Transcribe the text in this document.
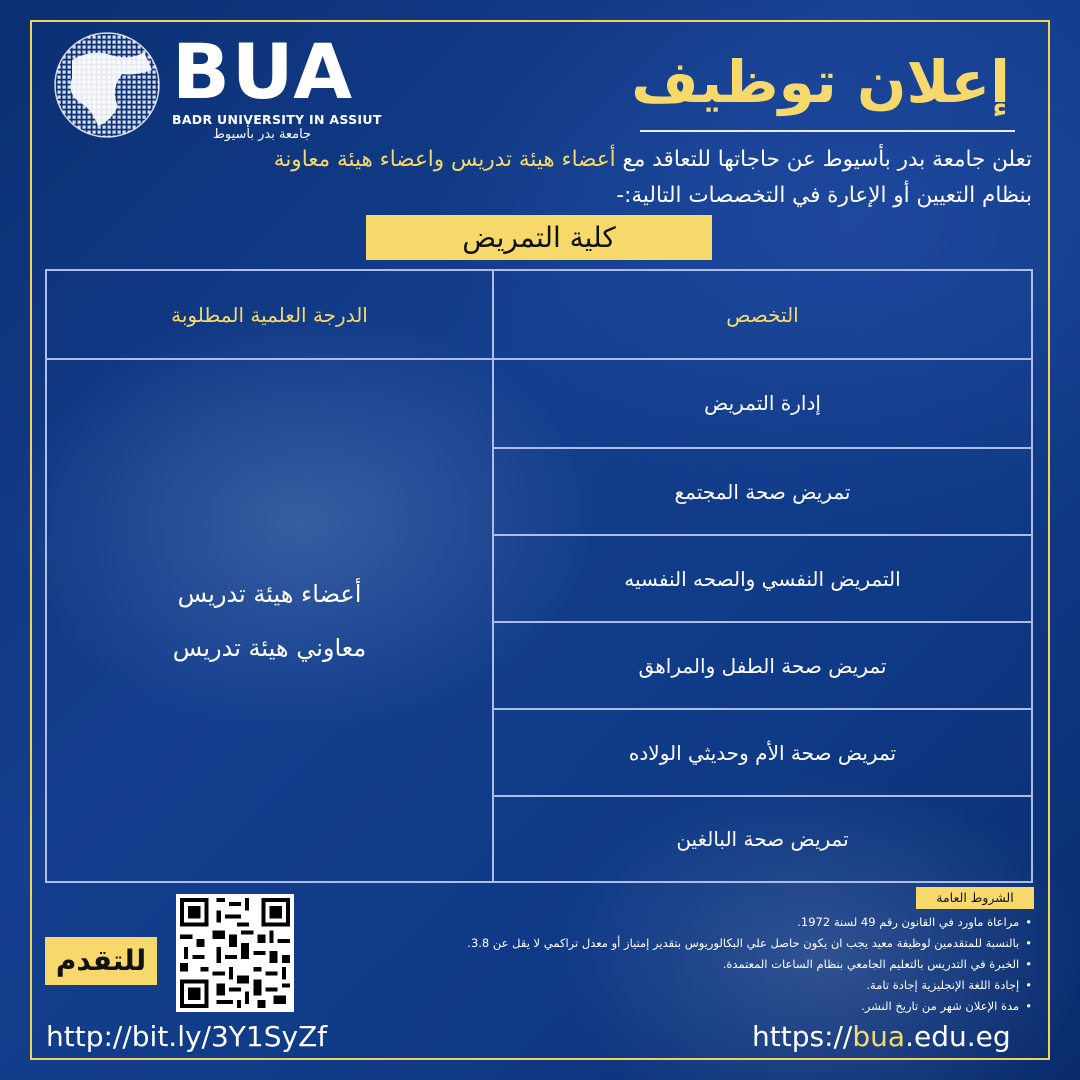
BUA
BADR UNIVERSITY IN ASSIUT
جامعة بدر بأسيوط
إعلان توظيف
تعلن جامعة بدر بأسيوط عن حاجاتها للتعاقد مع أعضاء هيئة تدريس واعضاء هيئة معاونة
بنظام التعيين أو الإعارة في التخصصات التالية:-
كلية التمريض
التخصص
الدرجة العلمية المطلوبة
إدارة التمريض
تمريض صحة المجتمع
التمريض النفسي والصحه النفسيه
تمريض صحة الطفل والمراهق
تمريض صحة الأم وحديثي الولاده
تمريض صحة البالغين
أعضاء هيئة تدريس
معاوني هيئة تدريس
الشروط العامة
• مراعاة ماورد في القانون رقم 49 لسنة 1972.
• بالنسبة للمتقدمين لوظيفة معيد يجب ان يكون حاصل علي البكالوريوس بتقدير إمتياز أو معدل تراكمي لا يقل عن 3.8.
• الخبرة في التدريس بالتعليم الجامعي بنظام الساعات المعتمدة.
• إجادة اللغة الإنجليزية إجادة تامة.
• مدة الإعلان شهر من تاريخ النشر.
للتقدم
http://bit.ly/3Y1SyZf	https://bua.edu.eg
